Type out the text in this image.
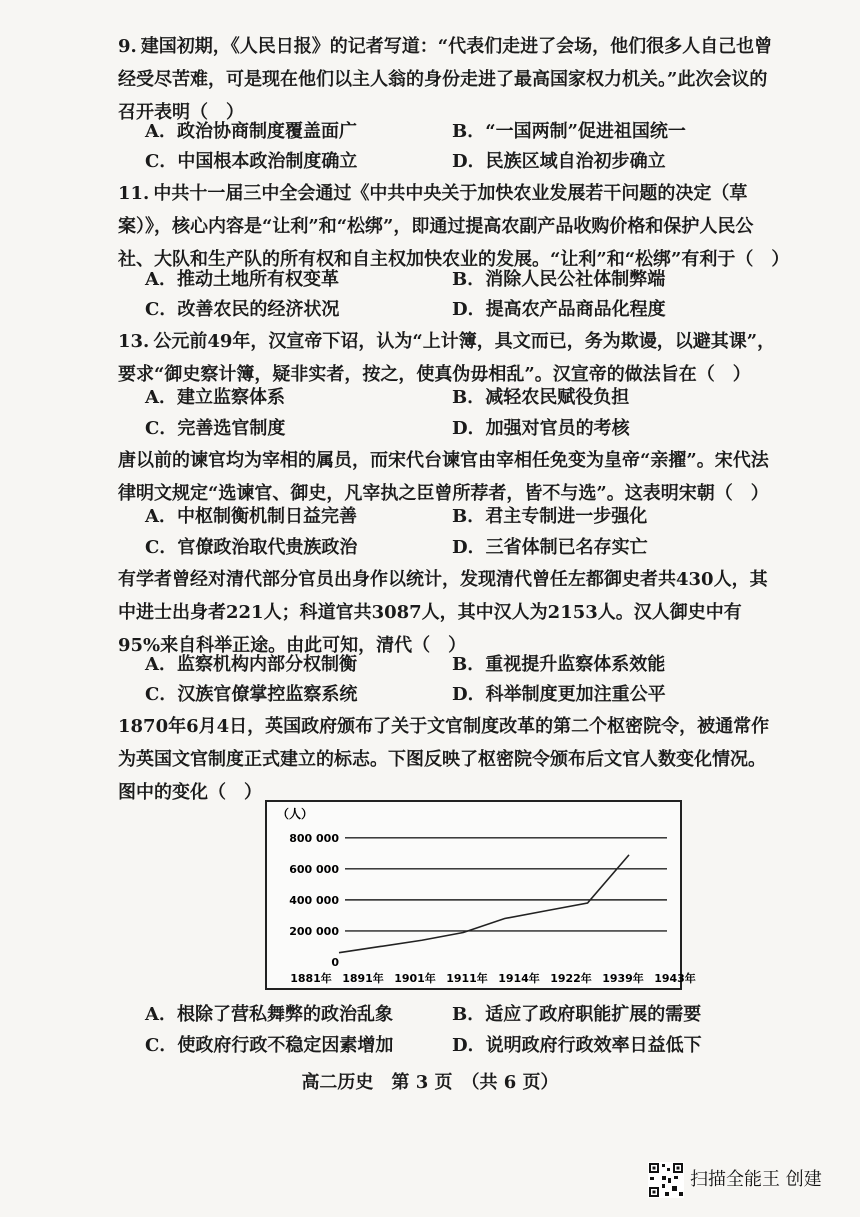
9. 建国初期，《人民日报》的记者写道：“代表们走进了会场，他们很多人自己也曾经受尽苦难，可是现在他们以主人翁的身份走进了最高国家权力机关。”此次会议的召开表明（　）
A．政治协商制度覆盖面广	B．“一国两制”促进祖国统一
C．中国根本政治制度确立	D．民族区域自治初步确立
11. 中共十一届三中全会通过《中共中央关于加快农业发展若干问题的决定（草案）》，核心内容是“让利”和“松绑”，即通过提高农副产品收购价格和保护人民公社、大队和生产队的所有权和自主权加快农业的发展。“让利”和“松绑”有利于（　）
A．推动土地所有权变革	B．消除人民公社体制弊端
C．改善农民的经济状况	D．提高农产品商品化程度
13. 公元前49年，汉宣帝下诏，认为“上计簿，具文而已，务为欺谩，以避其课”，要求“御史察计簿，疑非实者，按之，使真伪毋相乱”。汉宣帝的做法旨在（　）
A．建立监察体系	B．减轻农民赋役负担
C．完善选官制度	D．加强对官员的考核
唐以前的谏官均为宰相的属员，而宋代台谏官由宰相任免变为皇帝“亲擢”。宋代法律明文规定“选谏官、御史，凡宰执之臣曾所荐者，皆不与选”。这表明宋朝（　）
A．中枢制衡机制日益完善	B．君主专制进一步强化
C．官僚政治取代贵族政治	D．三省体制已名存实亡
有学者曾经对清代部分官员出身作以统计，发现清代曾任左都御史者共430人，其中进士出身者221人；科道官共3087人，其中汉人为2153人。汉人御史中有95%来自科举正途。由此可知，清代（　）
A．监察机构内部分权制衡	B．重视提升监察体系效能
C．汉族官僚掌控监察系统	D．科举制度更加注重公平
1870年6月4日，英国政府颁布了关于文官制度改革的第二个枢密院令，被通常作为英国文官制度正式建立的标志。下图反映了枢密院令颁布后文官人数变化情况。图中的变化（　）
（人）
800 000
600 000
400 000
200 000
0
1881年 1891年 1901年 1911年 1914年 1922年 1939年 1943年
A．根除了营私舞弊的政治乱象	B．适应了政府职能扩展的需要
C．使政府行政不稳定因素增加	D．说明政府行政效率日益低下
高二历史　第 3 页　（共 6 页）
扫描全能王 创建
